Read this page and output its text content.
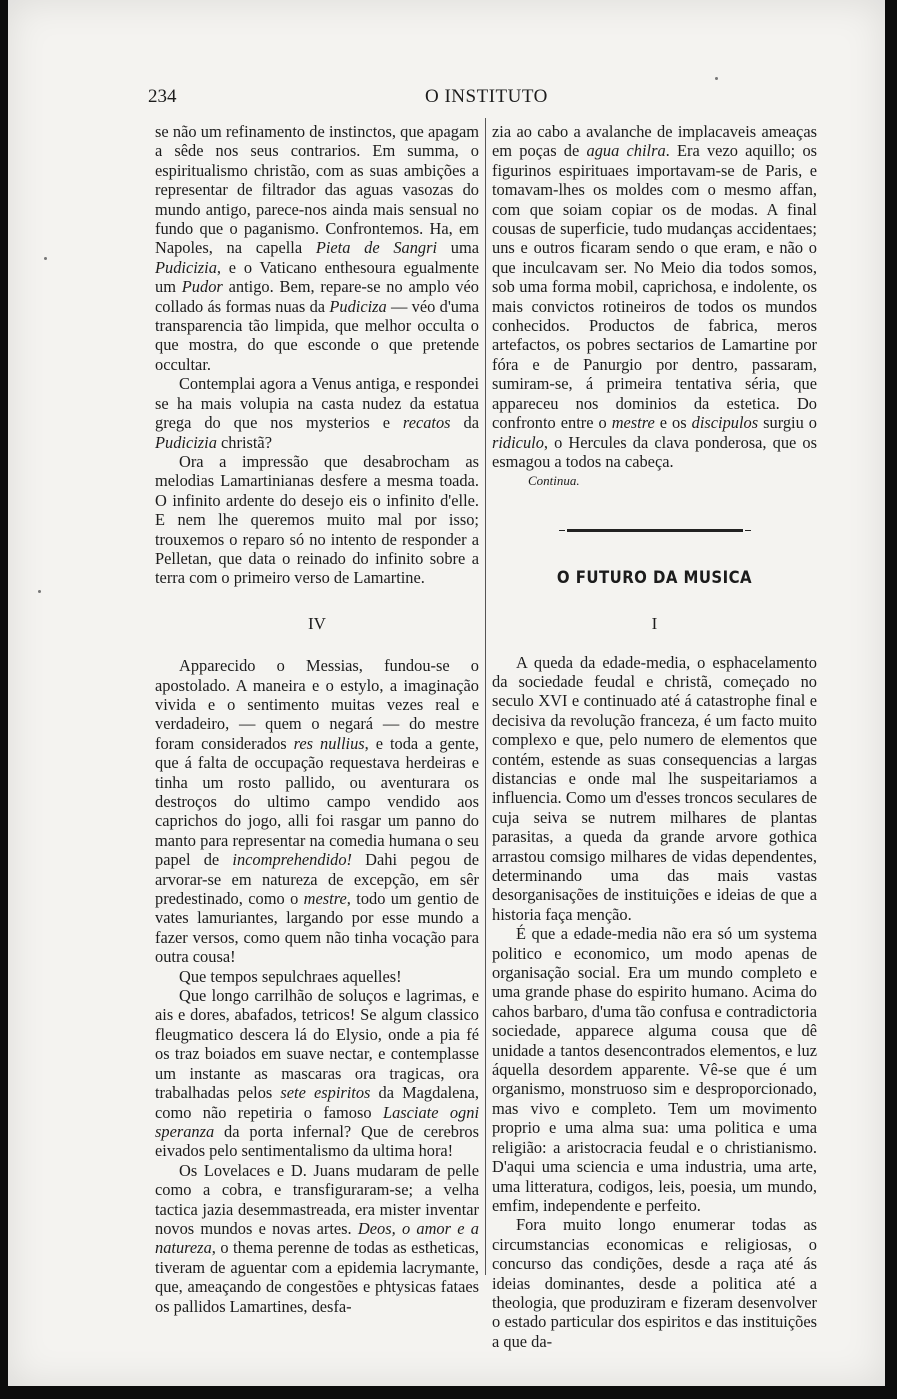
234	O INSTITUTO

se não um refinamento de instinctos, que apagam a sêde nos seus contrarios. Em summa, o espiritualismo christão, com as suas ambições a representar de filtrador das aguas vasozas do mundo antigo, parece-nos ainda mais sensual no fundo que o paganismo. Confrontemos. Ha, em Napoles, na capella Pieta de Sangri uma Pudicizia, e o Vaticano enthesoura egualmente um Pudor antigo. Bem, repare-se no amplo véo collado ás formas nuas da Pudiciza — véo d'uma transparencia tão limpida, que melhor occulta o que mostra, do que esconde o que pretende occultar.

Contemplai agora a Venus antiga, e respondei se ha mais volupia na casta nudez da estatua grega do que nos mysterios e recatos da Pudicizia christã?

Ora a impressão que desabrocham as melodias Lamartinianas desfere a mesma toada. O infinito ardente do desejo eis o infinito d'elle. E nem lhe queremos muito mal por isso; trouxemos o reparo só no intento de responder a Pelletan, que data o reinado do infinito sobre a terra com o primeiro verso de Lamartine.

IV

Apparecido o Messias, fundou-se o apostolado. A maneira e o estylo, a imaginação vivida e o sentimento muitas vezes real e verdadeiro, — quem o negará — do mestre foram considerados res nullius, e toda a gente, que á falta de occupação requestava herdeiras e tinha um rosto pallido, ou aventurara os destroços do ultimo campo vendido aos caprichos do jogo, alli foi rasgar um panno do manto para representar na comedia humana o seu papel de incomprehendido! Dahi pegou de arvorar-se em natureza de excepção, em sêr predestinado, como o mestre, todo um gentio de vates lamuriantes, largando por esse mundo a fazer versos, como quem não tinha vocação para outra cousa!

Que tempos sepulchraes aquelles!

Que longo carrilhão de soluços e lagrimas, e ais e dores, abafados, tetricos! Se algum classico fleugmatico descera lá do Elysio, onde a pia fé os traz boiados em suave nectar, e contemplasse um instante as mascaras ora tragicas, ora trabalhadas pelos sete espiritos da Magdalena, como não repetiria o famoso Lasciate ogni speranza da porta infernal? Que de cerebros eivados pelo sentimentalismo da ultima hora!

Os Lovelaces e D. Juans mudaram de pelle como a cobra, e transfiguraram-se; a velha tactica jazia desemmastreada, era mister inventar novos mundos e novas artes. Deos, o amor e a natureza, o thema perenne de todas as estheticas, tiveram de aguentar com a epidemia lacrymante, que, ameaçando de congestões e phtysicas fataes os pallidos Lamartines, desfa-

zia ao cabo a avalanche de implacaveis ameaças em poças de agua chilra. Era vezo aquillo; os figurinos espirituaes importavam-se de Paris, e tomavam-lhes os moldes com o mesmo affan, com que soiam copiar os de modas. A final cousas de superficie, tudo mudanças accidentaes; uns e outros ficaram sendo o que eram, e não o que inculcavam ser. No Meio dia todos somos, sob uma forma mobil, caprichosa, e indolente, os mais convictos rotineiros de todos os mundos conhecidos. Productos de fabrica, meros artefactos, os pobres sectarios de Lamartine por fóra e de Panurgio por dentro, passaram, sumiram-se, á primeira tentativa séria, que appareceu nos dominios da estetica. Do confronto entre o mestre e os discipulos surgiu o ridiculo, o Hercules da clava ponderosa, que os esmagou a todos na cabeça.

Continua.
O FUTURO DA MUSICA
I

A queda da edade-media, o esphacelamento da sociedade feudal e christã, começado no seculo XVI e continuado até á catastrophe final e decisiva da revolução franceza, é um facto muito complexo e que, pelo numero de elementos que contém, estende as suas consequencias a largas distancias e onde mal lhe suspeitariamos a influencia. Como um d'esses troncos seculares de cuja seiva se nutrem milhares de plantas parasitas, a queda da grande arvore gothica arrastou comsigo milhares de vidas dependentes, determinando uma das mais vastas desorganisações de instituições e ideias de que a historia faça menção.

É que a edade-media não era só um systema politico e economico, um modo apenas de organisação social. Era um mundo completo e uma grande phase do espirito humano. Acima do cahos barbaro, d'uma tão confusa e contradictoria sociedade, apparece alguma cousa que dê unidade a tantos desencontrados elementos, e luz áquella desordem apparente. Vê-se que é um organismo, monstruoso sim e desproporcionado, mas vivo e completo. Tem um movimento proprio e uma alma sua: uma politica e uma religião: a aristocracia feudal e o christianismo. D'aqui uma sciencia e uma industria, uma arte, uma litteratura, codigos, leis, poesia, um mundo, emfim, independente e perfeito.

Fora muito longo enumerar todas as circumstancias economicas e religiosas, o concurso das condições, desde a raça até ás ideias dominantes, desde a politica até a theologia, que produziram e fizeram desenvolver o estado particular dos espiritos e das instituições a que da-
